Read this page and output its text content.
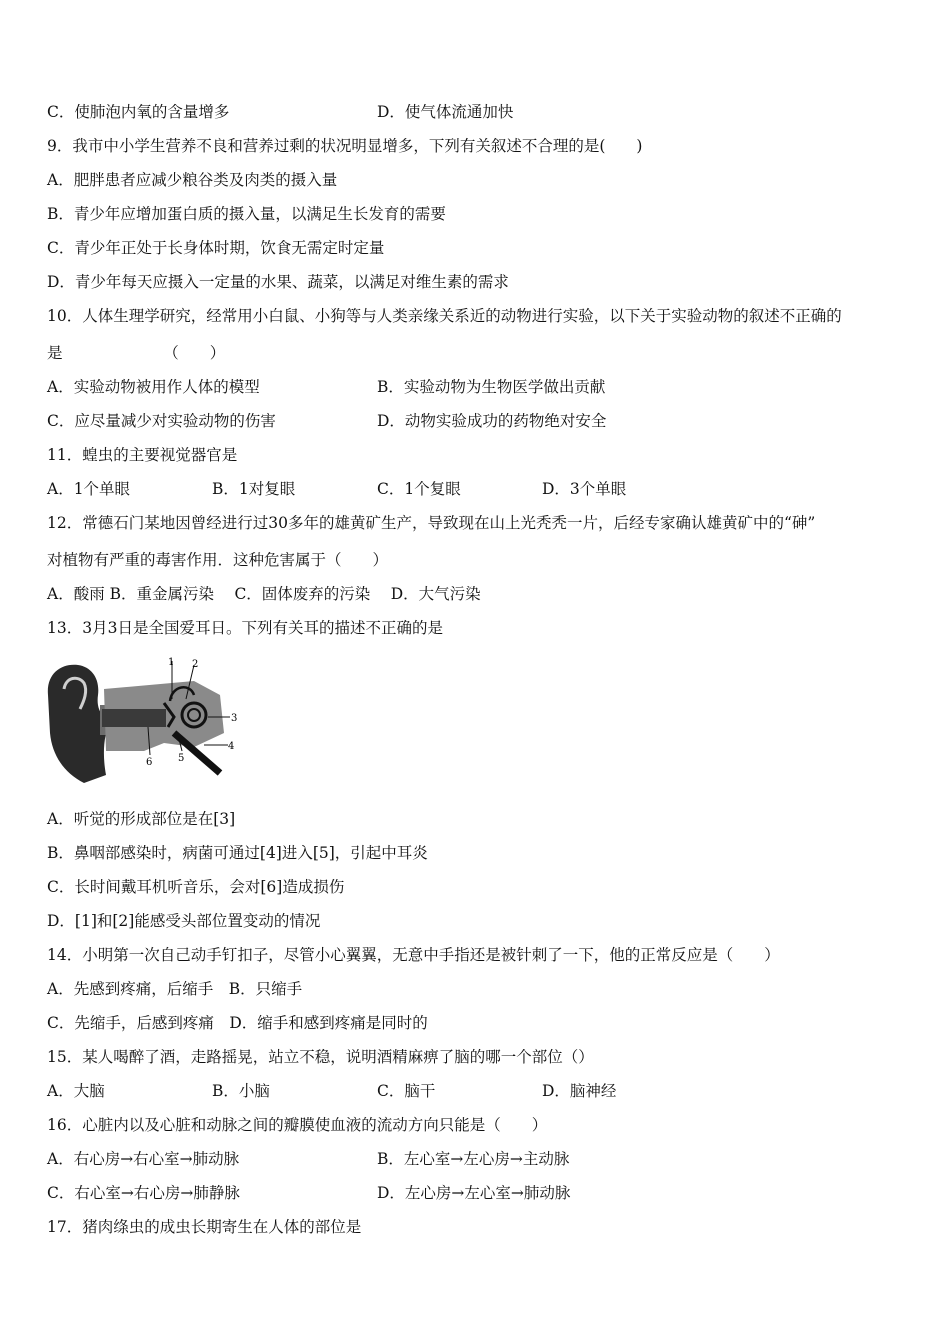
C．使肺泡内氧的含量增多	D．使气体流通加快
9．我市中小学生营养不良和营养过剩的状况明显增多，下列有关叙述不合理的是(　　)
A．肥胖患者应减少粮谷类及肉类的摄入量
B．青少年应增加蛋白质的摄入量，以满足生长发育的需要
C．青少年正处于长身体时期，饮食无需定时定量
D．青少年每天应摄入一定量的水果、蔬菜，以满足对维生素的需求
10．人体生理学研究，经常用小白鼠、小狗等与人类亲缘关系近的动物进行实验，以下关于实验动物的叙述不正确的
是　　　　　　　（　　）
A．实验动物被用作人体的模型	B．实验动物为生物医学做出贡献
C．应尽量减少对实验动物的伤害	D．动物实验成功的药物绝对安全
11．蝗虫的主要视觉器官是
A．1个单眼	B．1对复眼	C．1个复眼	D．3个单眼
12．常德石门某地因曾经进行过30多年的雄黄矿生产，导致现在山上光秃秃一片，后经专家确认雄黄矿中的“砷”
对植物有严重的毒害作用．这种危害属于（　　）
A．酸雨 B．重金属污染　 C．固体废弃的污染　 D．大气污染
13．3月3日是全国爱耳日。下列有关耳的描述不正确的是
1 2
3
4
5
6
A．听觉的形成部位是在[3]
B．鼻咽部感染时，病菌可通过[4]进入[5]，引起中耳炎
C．长时间戴耳机听音乐，会对[6]造成损伤
D．[1]和[2]能感受头部位置变动的情况
14．小明第一次自己动手钉扣子，尽管小心翼翼，无意中手指还是被针刺了一下，他的正常反应是（　　）
A．先感到疼痛，后缩手　B．只缩手
C．先缩手，后感到疼痛　D．缩手和感到疼痛是同时的
15．某人喝醉了酒，走路摇晃，站立不稳，说明酒精麻痹了脑的哪一个部位（）
A．大脑	B．小脑	C．脑干	D．脑神经
16．心脏内以及心脏和动脉之间的瓣膜使血液的流动方向只能是（　　）
A．右心房→右心室→肺动脉	B．左心室→左心房→主动脉
C．右心室→右心房→肺静脉	D．左心房→左心室→肺动脉
17．猪肉绦虫的成虫长期寄生在人体的部位是
